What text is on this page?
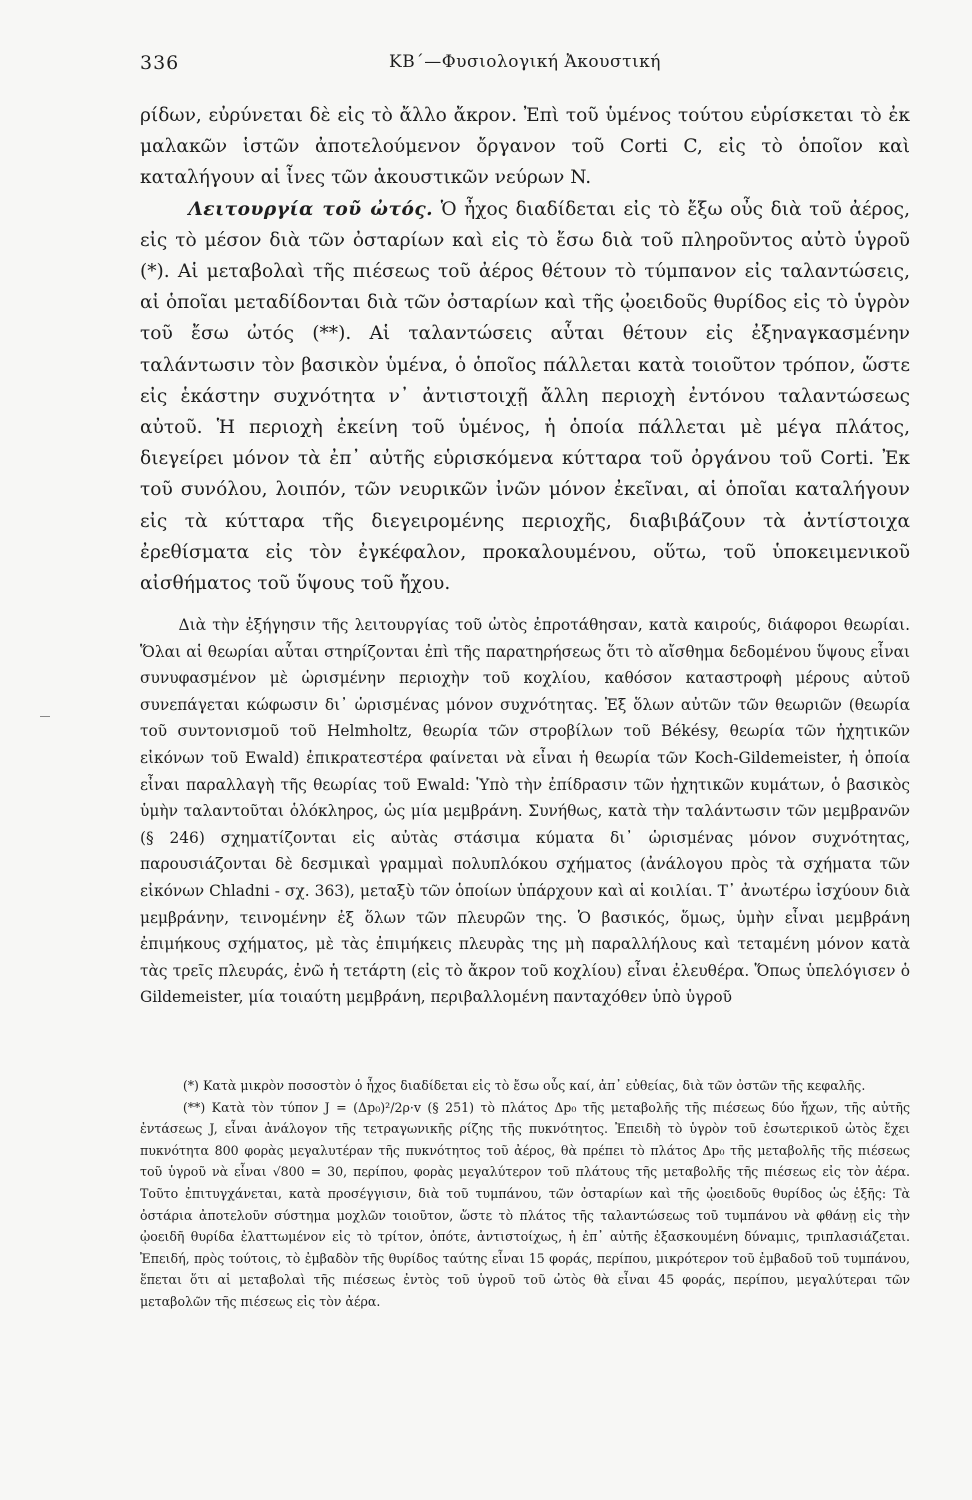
336	ΚΒ΄—Φυσιολογική Ἀκουστική

ρίδων, εὐρύνεται δὲ εἰς τὸ ἄλλο ἄκρον. Ἐπὶ τοῦ ὑμένος τούτου εὑρίσκεται τὸ ἐκ μαλακῶν ἱστῶν ἀποτελούμενον ὄργανον τοῦ Corti C, εἰς τὸ ὁποῖον καὶ καταλήγουν αἱ ἶνες τῶν ἀκουστικῶν νεύρων N.

Λειτουργία τοῦ ὠτός. Ὁ ἦχος διαδίδεται εἰς τὸ ἔξω οὖς διὰ τοῦ ἀέρος, εἰς τὸ μέσον διὰ τῶν ὀσταρίων καὶ εἰς τὸ ἔσω διὰ τοῦ πληροῦντος αὐτὸ ὑγροῦ (*). Αἱ μεταβολαὶ τῆς πιέσεως τοῦ ἀέρος θέτουν τὸ τύμπανον εἰς ταλαντώσεις, αἱ ὁποῖαι μεταδίδονται διὰ τῶν ὀσταρίων καὶ τῆς ᾠοειδοῦς θυρίδος εἰς τὸ ὑγρὸν τοῦ ἔσω ὠτός (**). Αἱ ταλαντώσεις αὗται θέτουν εἰς ἐξηναγκασμένην ταλάντωσιν τὸν βασικὸν ὑμένα, ὁ ὁποῖος πάλλεται κατὰ τοιοῦτον τρόπον, ὥστε εἰς ἑκάστην συχνότητα ν᾿ ἀντιστοιχῇ ἄλλη περιοχὴ ἐντόνου ταλαντώσεως αὐτοῦ. Ἡ περιοχὴ ἐκείνη τοῦ ὑμένος, ἡ ὁποία πάλλεται μὲ μέγα πλάτος, διεγείρει μόνον τὰ ἐπ᾿ αὐτῆς εὑρισκόμενα κύτταρα τοῦ ὀργάνου τοῦ Corti. Ἐκ τοῦ συνόλου, λοιπόν, τῶν νευρικῶν ἰνῶν μόνον ἐκεῖναι, αἱ ὁποῖαι καταλήγουν εἰς τὰ κύτταρα τῆς διεγειρομένης περιοχῆς, διαβιβάζουν τὰ ἀντίστοιχα ἐρεθίσματα εἰς τὸν ἐγκέφαλον, προκαλουμένου, οὕτω, τοῦ ὑποκειμενικοῦ αἰσθήματος τοῦ ὕψους τοῦ ἤχου.

Διὰ τὴν ἐξήγησιν τῆς λειτουργίας τοῦ ὠτὸς ἐπροτάθησαν, κατὰ καιρούς, διάφοροι θεωρίαι. Ὅλαι αἱ θεωρίαι αὗται στηρίζονται ἐπὶ τῆς παρατηρήσεως ὅτι τὸ αἴσθημα δεδομένου ὕψους εἶναι συνυφασμένον μὲ ὡρισμένην περιοχὴν τοῦ κοχλίου, καθόσον καταστροφὴ μέρους αὐτοῦ συνεπάγεται κώφωσιν δι᾿ ὡρισμένας μόνον συχνότητας. Ἐξ ὅλων αὐτῶν τῶν θεωριῶν (θεωρία τοῦ συντονισμοῦ τοῦ Helmholtz, θεωρία τῶν στροβίλων τοῦ Békésy, θεωρία τῶν ἠχητικῶν εἰκόνων τοῦ Ewald) ἐπικρατεστέρα φαίνεται νὰ εἶναι ἡ θεωρία τῶν Koch-Gildemeister, ἡ ὁποία εἶναι παραλλαγὴ τῆς θεωρίας τοῦ Ewald: Ὑπὸ τὴν ἐπίδρασιν τῶν ἠχητικῶν κυμάτων, ὁ βασικὸς ὑμὴν ταλαντοῦται ὁλόκληρος, ὡς μία μεμβράνη. Συνήθως, κατὰ τὴν ταλάντωσιν τῶν μεμβρανῶν (§ 246) σχηματίζονται εἰς αὐτὰς στάσιμα κύματα δι᾿ ὡρισμένας μόνον συχνότητας, παρουσιάζονται δὲ δεσμικαὶ γραμμαὶ πολυπλόκου σχήματος (ἀνάλογου πρὸς τὰ σχήματα τῶν εἰκόνων Chladni - σχ. 363), μεταξὺ τῶν ὁποίων ὑπάρχουν καὶ αἱ κοιλίαι. Τ᾿ ἀνωτέρω ἰσχύουν διὰ μεμβράνην, τεινομένην ἐξ ὅλων τῶν πλευρῶν της. Ὁ βασικός, ὅμως, ὑμὴν εἶναι μεμβράνη ἐπιμήκους σχήματος, μὲ τὰς ἐπιμήκεις πλευρὰς της μὴ παραλλήλους καὶ τεταμένη μόνον κατὰ τὰς τρεῖς πλευράς, ἐνῶ ἡ τετάρτη (εἰς τὸ ἄκρον τοῦ κοχλίου) εἶναι ἐλευθέρα. Ὅπως ὑπελόγισεν ὁ Gildemeister, μία τοιαύτη μεμβράνη, περιβαλλομένη πανταχόθεν ὑπὸ ὑγροῦ

(*) Κατὰ μικρὸν ποσοστὸν ὁ ἦχος διαδίδεται εἰς τὸ ἔσω οὖς καί, ἀπ᾿ εὐθείας, διὰ τῶν ὀστῶν τῆς κεφαλῆς.

(**) Κατὰ τὸν τύπον J = (Δp₀)²/2ρ·v (§ 251) τὸ πλάτος Δp₀ τῆς μεταβολῆς τῆς πιέσεως δύο ἤχων, τῆς αὐτῆς ἐντάσεως J, εἶναι ἀνάλογον τῆς τετραγωνικῆς ρίζης τῆς πυκνότητος. Ἐπειδὴ τὸ ὑγρὸν τοῦ ἐσωτερικοῦ ὠτὸς ἔχει πυκνότητα 800 φορὰς μεγαλυτέραν τῆς πυκνότητος τοῦ ἀέρος, θὰ πρέπει τὸ πλάτος Δp₀ τῆς μεταβολῆς τῆς πιέσεως τοῦ ὑγροῦ νὰ εἶναι √800 = 30, περίπου, φορὰς μεγαλύτερον τοῦ πλάτους τῆς μεταβολῆς τῆς πιέσεως εἰς τὸν ἀέρα. Τοῦτο ἐπιτυγχάνεται, κατὰ προσέγγισιν, διὰ τοῦ τυμπάνου, τῶν ὀσταρίων καὶ τῆς ᾠοειδοῦς θυρίδος ὡς ἑξῆς: Τὰ ὀστάρια ἀποτελοῦν σύστημα μοχλῶν τοιοῦτον, ὥστε τὸ πλάτος τῆς ταλαντώσεως τοῦ τυμπάνου νὰ φθάνῃ εἰς τὴν ᾠοειδῆ θυρίδα ἐλαττωμένον εἰς τὸ τρίτον, ὁπότε, ἀντιστοίχως, ἡ ἐπ᾿ αὐτῆς ἐξασκουμένη δύναμις, τριπλασιάζεται. Ἐπειδή, πρὸς τούτοις, τὸ ἐμβαδὸν τῆς θυρίδος ταύτης εἶναι 15 φοράς, περίπου, μικρότερον τοῦ ἐμβαδοῦ τοῦ τυμπάνου, ἕπεται ὅτι αἱ μεταβολαὶ τῆς πιέσεως ἐντὸς τοῦ ὑγροῦ τοῦ ὠτὸς θὰ εἶναι 45 φοράς, περίπου, μεγαλύτεραι τῶν μεταβολῶν τῆς πιέσεως εἰς τὸν ἀέρα.
